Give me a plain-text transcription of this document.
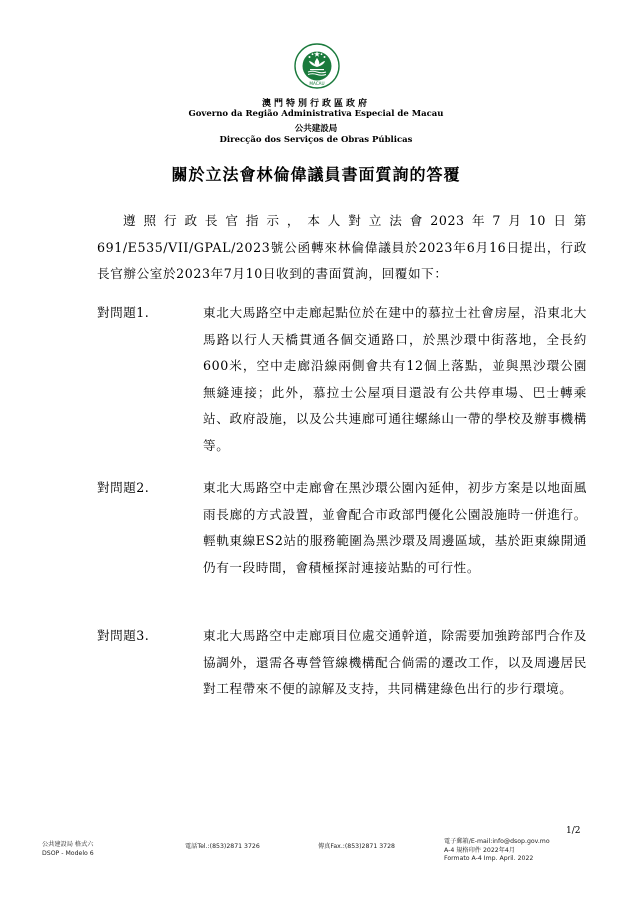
MACAU
澳門特別行政區政府
Governo da Região Administrativa Especial de Macau
公共建設局
Direcção dos Serviços de Obras Públicas
關於立法會林倫偉議員書面質詢的答覆
遵照行政長官指示，本人對立法會2023年7月10日第691/E535/VII/GPAL/2023號公函轉來林倫偉議員於2023年6月16日提出，行政長官辦公室於2023年7月10日收到的書面質詢，回覆如下：
對問題1.	東北大馬路空中走廊起點位於在建中的慕拉士社會房屋，沿東北大馬路以行人天橋貫通各個交通路口，於黑沙環中街落地，全長約600米，空中走廊沿線兩側會共有12個上落點，並與黑沙環公園無縫連接；此外，慕拉士公屋項目還設有公共停車場、巴士轉乘站、政府設施，以及公共連廊可通往螺絲山一帶的學校及辦事機構等。
對問題2.	東北大馬路空中走廊會在黑沙環公園內延伸，初步方案是以地面風雨長廊的方式設置，並會配合市政部門優化公園設施時一併進行。輕軌東線ES2站的服務範圍為黑沙環及周邊區域，基於距東線開通仍有一段時間，會積極探討連接站點的可行性。
對問題3.	東北大馬路空中走廊項目位處交通幹道，除需要加強跨部門合作及協調外，還需各專營管線機構配合倘需的遷改工作，以及周邊居民對工程帶來不便的諒解及支持，共同構建綠色出行的步行環境。
1/2
公共建設局 格式六
DSOP - Modelo 6
電話Tel.:(853)2871 3726	傳真Fax.:(853)2871 3728
電子郵箱/E-mail:info@dsop.gov.mo
A-4 規格印件 2022年4月
Formato A-4 Imp. April. 2022
